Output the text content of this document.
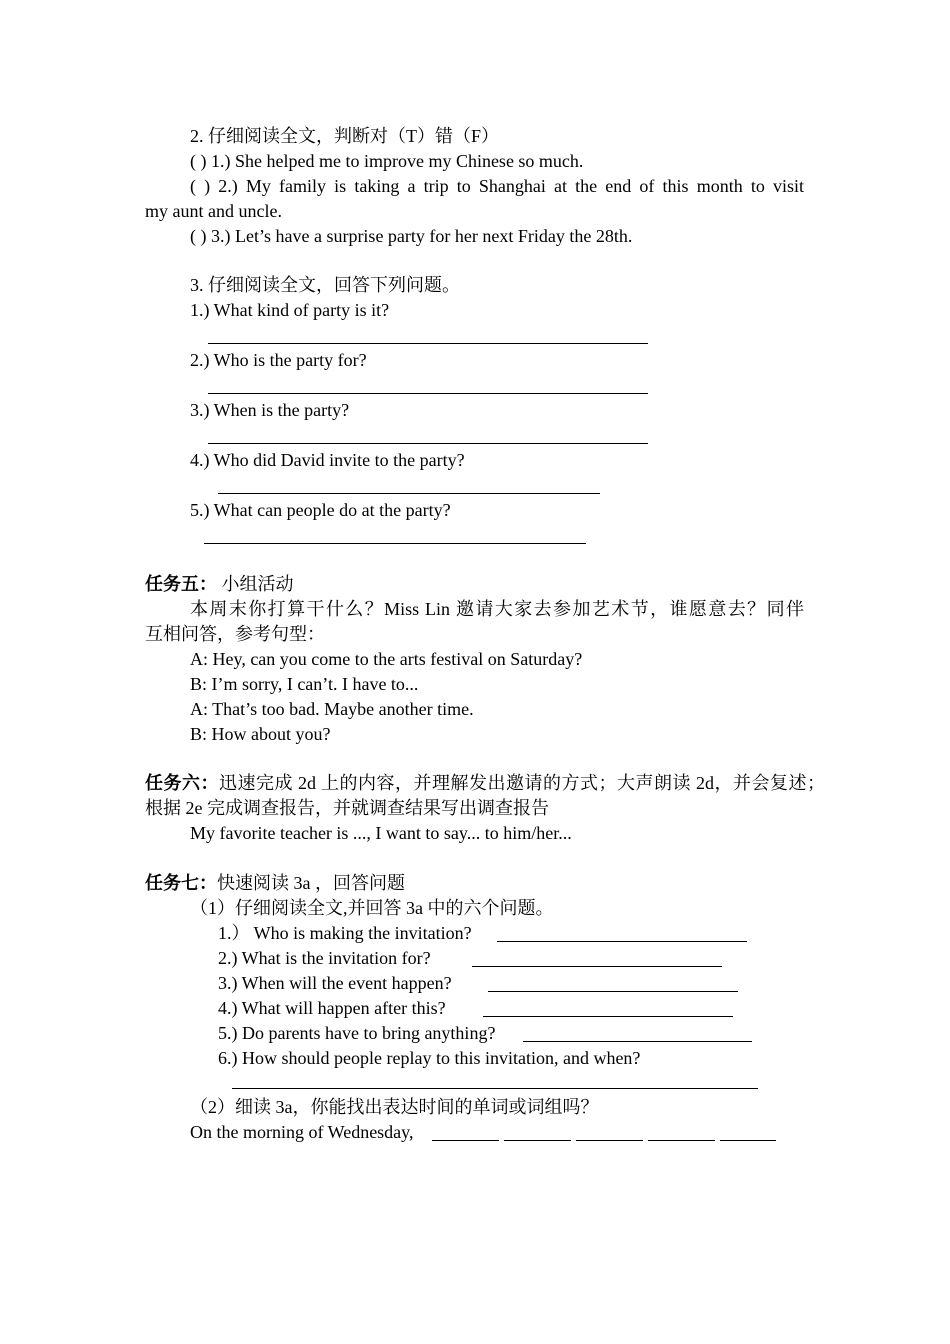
2. 仔细阅读全文，判断对（T）错（F）
( ) 1.) She helped me to improve my Chinese so much.
( ) 2.) My family is taking a trip to Shanghai at the end of this month to visit
my aunt and uncle.
( ) 3.) Let’s have a surprise party for her next Friday the 28th.
3. 仔细阅读全文，回答下列问题。
1.) What kind of party is it?
2.) Who is the party for?
3.) When is the party?
4.) Who did David invite to the party?
5.) What can people do at the party?
任务五： 小组活动
本周末你打算干什么？Miss Lin 邀请大家去参加艺术节，谁愿意去？同伴
互相问答，参考句型：
A: Hey, can you come to the arts festival on Saturday?
B: I’m sorry, I can’t. I have to...
A: That’s too bad. Maybe another time.
B: How about you?
任务六：迅速完成 2d 上的内容，并理解发出邀请的方式；大声朗读 2d，并会复述；
根据 2e 完成调查报告，并就调查结果写出调查报告
My favorite teacher is ..., I want to say... to him/her...
任务七：快速阅读 3a ，回答问题
（1）仔细阅读全文,并回答 3a 中的六个问题。
1.） Who is making the invitation?
2.) What is the invitation for?
3.) When will the event happen?
4.) What will happen after this?
5.) Do parents have to bring anything?
6.) How should people replay to this invitation, and when?
（2）细读 3a，你能找出表达时间的单词或词组吗？
On the morning of Wednesday,
